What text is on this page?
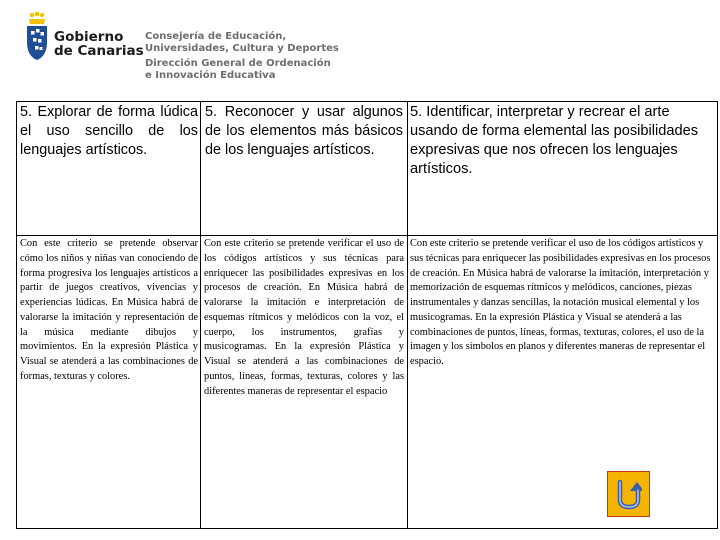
Gobierno
de Canarias
Consejería de Educación,
Universidades, Cultura y Deportes
Dirección General de Ordenación
e Innovación Educativa
5. Explorar de forma lúdica el uso sencillo de los lenguajes artísticos.
5. Reconocer y usar algunos de los elementos más básicos de los lenguajes artísticos.
5. Identificar, interpretar y recrear el arte usando de forma elemental las posibilidades expresivas que nos ofrecen los lenguajes artísticos.
Con este criterio se pretende observar cómo los niños y niñas van conociendo de forma progresiva los lenguajes artísticos a partir de juegos creativos, vivencias y experiencias lúdicas. En Música habrá de valorarse la imitación y representación de la música mediante dibujos y movimientos. En la expresión Plástica y Visual se atenderá a las combinaciones de formas, texturas y colores.
Con este criterio se pretende verificar el uso de los códigos artísticos y sus técnicas para enriquecer las posibilidades expresivas en los procesos de creación. En Música habrá de valorarse la imitación e interpretación de esquemas rítmicos y melódicos con la voz, el cuerpo, los instrumentos, grafías y musicogramas. En la expresión Plástica y Visual se atenderá a las combinaciones de puntos, líneas, formas, texturas, colores y las diferentes maneras de representar el espacio
Con este criterio se pretende verificar el uso de los códigos artísticos y sus técnicas para enriquecer las posibilidades expresivas en los procesos de creación. En Música habrá de valorarse la imitación, interpretación y memorización de esquemas rítmicos y melódicos, canciones, piezas instrumentales y danzas sencillas, la notación musical elemental y los musicogramas. En la expresión Plástica y Visual se atenderá a las combinaciones de puntos, líneas, formas, texturas, colores, el uso de la imagen y los símbolos en planos y diferentes maneras de representar el espacio.
